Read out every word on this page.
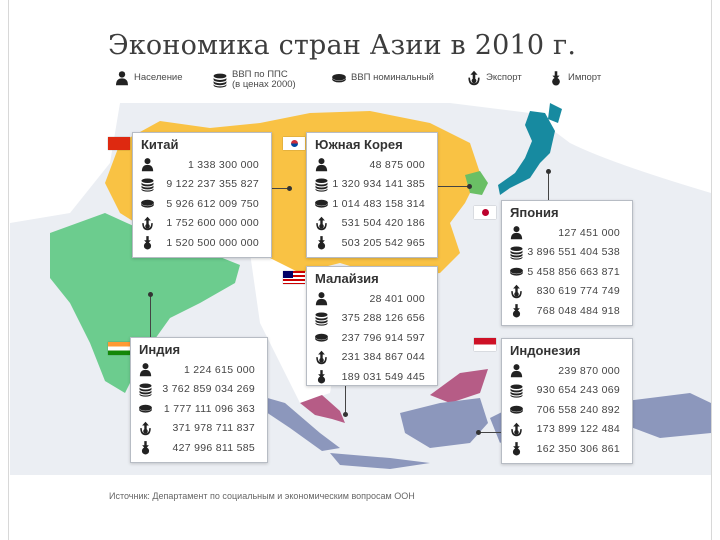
Экономика стран Азии в 2010 г.
Население	ВВП по ППС
(в ценах 2000)
ВВП номинальный	Экспорт	Импорт
Китай
1 338 300 000
9 122 237 355 827
5 926 612 009 750
1 752 600 000 000
1 520 500 000 000
Южная Корея
48 875 000
1 320 934 141 385
1 014 483 158 314
531 504 420 186
503 205 542 965
Япония
127 451 000
3 896 551 404 538
5 458 856 663 871
830 619 774 749
768 048 484 918
Малайзия
28 401 000
375 288 126 656
237 796 914 597
231 384 867 044
189 031 549 445
Индия
1 224 615 000
3 762 859 034 269
1 777 111 096 363
371 978 711 837
427 996 811 585
Индонезия
239 870 000
930 654 243 069
706 558 240 892
173 899 122 484
162 350 306 861
Источник: Департамент по социальным и экономическим вопросам ООН
